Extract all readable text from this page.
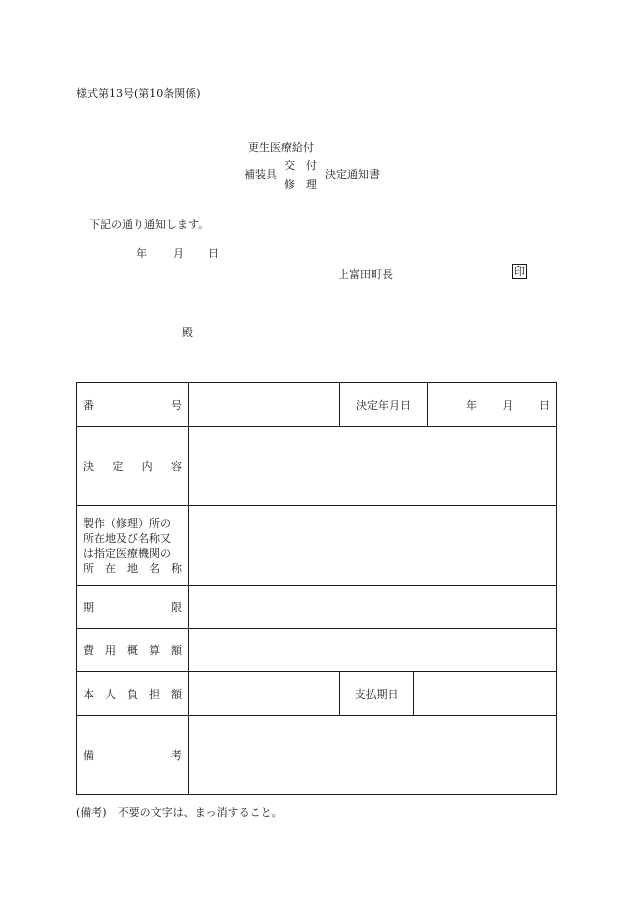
様式第13号(第10条関係)
更生医療給付
補装具
交　付
修　理
決定通知書
下記の通り通知します。
年 月 日
上富田町長	印
殿
番 号		決定年月日		年 月 日

決 定 内 容				

製作（修理）所の
所在地及び名称又
は指定医療機関の
所　在　地　名　称				

期 限				

費 用 概 算 額				

本 人 負 担 額		支払期日		

備 考				

(備考)　不要の文字は、まっ消すること。
